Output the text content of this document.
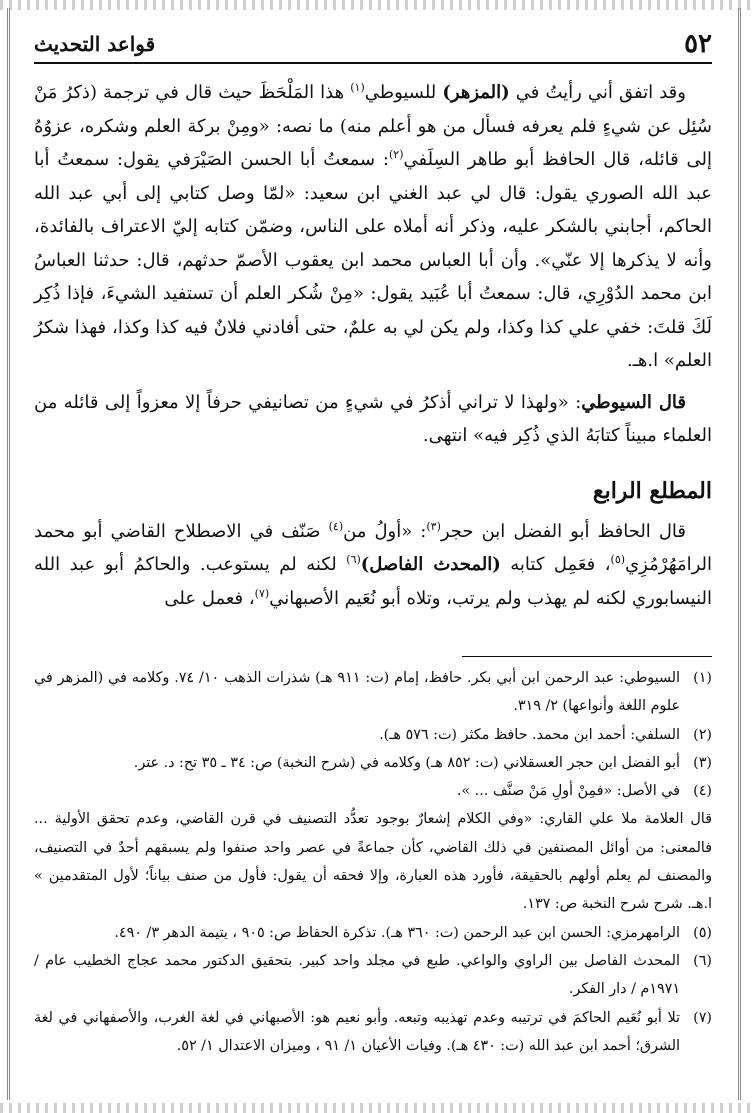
٥٢
قواعد التحديث

وقد اتفق أني رأيتُ في (المزهر) للسيوطي$^{(١)}$ هذا المَلْحَظَ حيث قال في ترجمة (ذكرُ مَنْ سُئِل عن شيءٍ فلم يعرفه فسأل من هو أعلم منه) ما نصه: «ومِنْ بركة العلم وشكره، عزوُهُ إلى قائله، قال الحافظ أبو طاهر السِلَفي$^{(٢)}$: سمعتُ أبا الحسن الصَيْرَفي يقول: سمعتُ أبا عبد الله الصوري يقول: قال لي عبد الغني ابن سعيد: «لمّا وصل كتابي إلى أبي عبد الله الحاكم، أجابني بالشكر عليه، وذكر أنه أملاه على الناس، وضمّن كتابه إليّ الاعتراف بالفائدة، وأنه لا يذكرها إلا عنّي». وأن أبا العباس محمد ابن يعقوب الأصمّ حدثهم، قال: حدثنا العباسُ ابن محمد الدُوْرِي، قال: سمعتُ أبا عُبَيد يقول: «مِنْ شُكر العلم أن تستفيد الشيءَ، فإذا ذُكِر لَكَ قلتَ: خفي علي كذا وكذا، ولم يكن لي به علمٌ، حتى أفادني فلانٌ فيه كذا وكذا، فهذا شكرُ العلم» ا.هـ.

قال السيوطي: «ولهذا لا تراني أذكرُ في شيءٍ من تصانيفي حرفاً إلا معزواً إلى قائله من العلماء مبيناً كتابَهُ الذي ذُكِر فيه» انتهى.

المطلع الرابع

قال الحافظ أبو الفضل ابن حجر$^{(٣)}$: «أولُ من$^{(٤)}$ صَنّف في الاصطلاح القاضي أبو محمد الرامَهُرْمُزِي$^{(٥)}$، فعَمِل كتابه (المحدث الفاصل)$^{(٦)}$ لكنه لم يستوعب. والحاكمُ أبو عبد الله النيسابوري لكنه لم يهذب ولم يرتب، وتلاه أبو نُعَيم الأصبهاني$^{(٧)}$، فعمل على

(١)
السيوطي: عبد الرحمن ابن أبي بكر. حافظ، إمام (ت: ٩١١ هـ) شذرات الذهب ١٠/ ٧٤. وكلامه في (المزهر في علوم اللغة وأنواعها) ٢/ ٣١٩.
(٢)
السلفي: أحمد ابن محمد. حافظ مكثر (ت: ٥٧٦ هـ).
(٣)
أبو الفضل ابن حجر العسقلاني (ت: ٨٥٢ هـ) وكلامه في (شرح النخبة) ص: ٣٤ ـ ٣٥ تح: د. عتر.
(٤)
في الأصل: «فمِنْ أولِ مَنْ صنَّف ... ».
قال العلامة ملا علي القاري: «وفي الكلام إشعارٌ بوجود تعدُّد التصنيف في قرن القاضي، وعدم تحقق الأولية ... فالمعنى: من أوائل المصنفين في ذلك القاضي، كأن جماعةً في عصر واحد صنفوا ولم يسبقهم أحدٌ في التصنيف، والمصنف لم يعلم أولهم بالحقيقة، فأورد هذه العبارة، وإلا فحقه أن يقول: فأول من صنف بياناً؛ لأول المتقدمين » ا.هـ. شرح شرح النخبة ص: ١٣٧.
(٥)
الرامهرمزي: الحسن ابن عبد الرحمن (ت: ٣٦٠ هـ). تذكرة الحفاظ ص: ٩٠٥ ، يتيمة الدهر ٣/ ٤٩٠.
(٦)
المحدث الفاصل بين الراوي والواعي. طبع في مجلد واحد كبير. بتحقيق الدكتور محمد عجاج الخطيب عام / ١٩٧١م / دار الفكر.
(٧)
تلا أبو نُعَيم الحاكمَ في ترتيبه وعدم تهذيبه وتبعه. وأبو نعيم هو: الأصبهاني في لغة الغرب، والأصفهاني في لغة الشرق؛ أحمد ابن عبد الله (ت: ٤٣٠ هـ). وفيات الأعيان ١/ ٩١ ، وميزان الاعتدال ١/ ٥٢.
